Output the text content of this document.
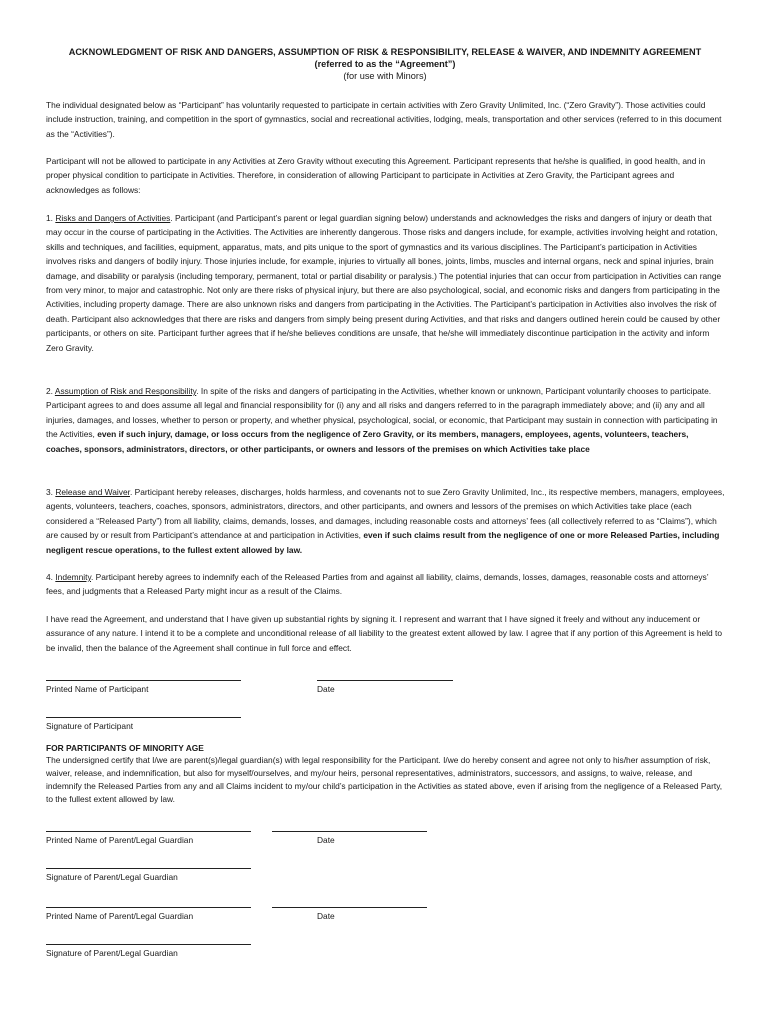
ACKNOWLEDGMENT OF RISK AND DANGERS, ASSUMPTION OF RISK & RESPONSIBILITY, RELEASE & WAIVER, AND INDEMNITY AGREEMENT
(referred to as the “Agreement”)
(for use with Minors)

The individual designated below as “Participant” has voluntarily requested to participate in certain activities with Zero Gravity Unlimited, Inc. (“Zero Gravity”). Those activities could include instruction, training, and competition in the sport of gymnastics, social and recreational activities, lodging, meals, transportation and other services (referred to in this document as the “Activities”).

Participant will not be allowed to participate in any Activities at Zero Gravity without executing this Agreement. Participant represents that he/she is qualified, in good health, and in proper physical condition to participate in Activities. Therefore, in consideration of allowing Participant to participate in Activities at Zero Gravity, the Participant agrees and acknowledges as follows:

1. Risks and Dangers of Activities. Participant (and Participant’s parent or legal guardian signing below) understands and acknowledges the risks and dangers of injury or death that may occur in the course of participating in the Activities. The Activities are inherently dangerous. Those risks and dangers include, for example, activities involving height and rotation, skills and techniques, and facilities, equipment, apparatus, mats, and pits unique to the sport of gymnastics and its various disciplines. The Participant’s participation in Activities involves risks and dangers of bodily injury. Those injuries include, for example, injuries to virtually all bones, joints, limbs, muscles and internal organs, neck and spinal injuries, brain damage, and disability or paralysis (including temporary, permanent, total or partial disability or paralysis.) The potential injuries that can occur from participation in Activities can range from very minor, to major and catastrophic. Not only are there risks of physical injury, but there are also psychological, social, and economic risks and dangers from participating in the Activities, including property damage. There are also unknown risks and dangers from participating in the Activities. The Participant’s participation in Activities also involves the risk of death. Participant also acknowledges that there are risks and dangers from simply being present during Activities, and that risks and dangers outlined herein could be caused by other participants, or others on site. Participant further agrees that if he/she believes conditions are unsafe, that he/she will immediately discontinue participation in the activity and inform Zero Gravity.

2. Assumption of Risk and Responsibility. In spite of the risks and dangers of participating in the Activities, whether known or unknown, Participant voluntarily chooses to participate. Participant agrees to and does assume all legal and financial responsibility for (i) any and all risks and dangers referred to in the paragraph immediately above; and (ii) any and all injuries, damages, and losses, whether to person or property, and whether physical, psychological, social, or economic, that Participant may sustain in connection with participating in the Activities, even if such injury, damage, or loss occurs from the negligence of Zero Gravity, or its members, managers, employees, agents, volunteers, teachers, coaches, sponsors, administrators, directors, or other participants, or owners and lessors of the premises on which Activities take place

3. Release and Waiver. Participant hereby releases, discharges, holds harmless, and covenants not to sue Zero Gravity Unlimited, Inc., its respective members, managers, employees, agents, volunteers, teachers, coaches, sponsors, administrators, directors, and other participants, and owners and lessors of the premises on which Activities take place (each considered a “Released Party”) from all liability, claims, demands, losses, and damages, including reasonable costs and attorneys’ fees (all collectively referred to as “Claims”), which are caused by or result from Participant’s attendance at and participation in Activities, even if such claims result from the negligence of one or more Released Parties, including negligent rescue operations, to the fullest extent allowed by law.

4. Indemnity. Participant hereby agrees to indemnify each of the Released Parties from and against all liability, claims, demands, losses, damages, reasonable costs and attorneys’ fees, and judgments that a Released Party might incur as a result of the Claims.

I have read the Agreement, and understand that I have given up substantial rights by signing it. I represent and warrant that I have signed it freely and without any inducement or assurance of any nature. I intend it to be a complete and unconditional release of all liability to the greatest extent allowed by law. I agree that if any portion of this Agreement is held to be invalid, then the balance of the Agreement shall continue in full force and effect.

Printed Name of Participant	Date
Signature of Participant
FOR PARTICIPANTS OF MINORITY AGE

The undersigned certify that I/we are parent(s)/legal guardian(s) with legal responsibility for the Participant. I/we do hereby consent and agree not only to his/her assumption of risk, waiver, release, and indemnification, but also for myself/ourselves, and my/our heirs, personal representatives, administrators, successors, and assigns, to waive, release, and indemnify the Released Parties from any and all Claims incident to my/our child’s participation in the Activities as stated above, even if arising from the negligence of a Released Party, to the fullest extent allowed by law.

Printed Name of Parent/Legal Guardian	Date
Signature of Parent/Legal Guardian
Printed Name of Parent/Legal Guardian	Date
Signature of Parent/Legal Guardian
